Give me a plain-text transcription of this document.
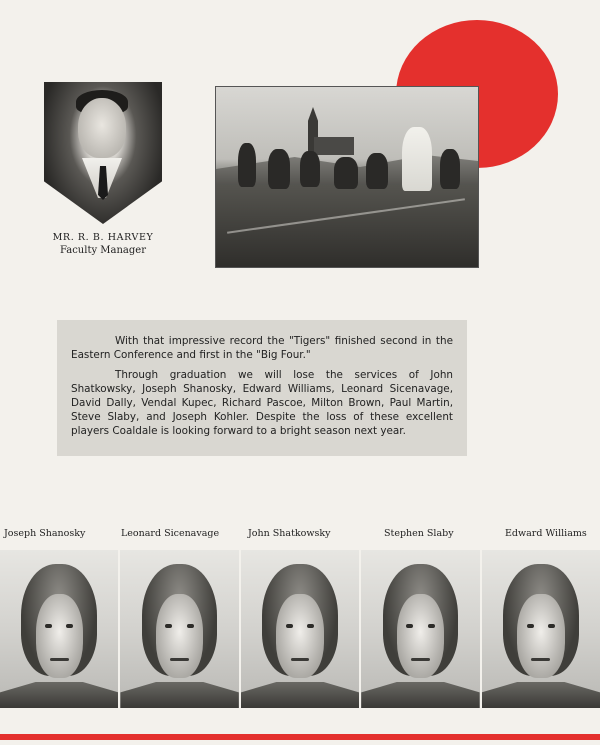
MR. R. B. HARVEY
Faculty Manager

With that impressive record the "Tigers" finished second in the Eastern Conference and first in the "Big Four."

Through graduation we will lose the services of John Shatkowsky, Joseph Shanosky, Edward Williams, Leonard Sicenavage, David Dally, Vendal Kupec, Richard Pascoe, Milton Brown, Paul Martin, Steve Slaby, and Joseph Kohler. Despite the loss of these excellent players Coaldale is looking forward to a bright season next year.

Joseph Shanosky	Leonard Sicenavage	John Shatkowsky	Stephen Slaby	Edward Williams
